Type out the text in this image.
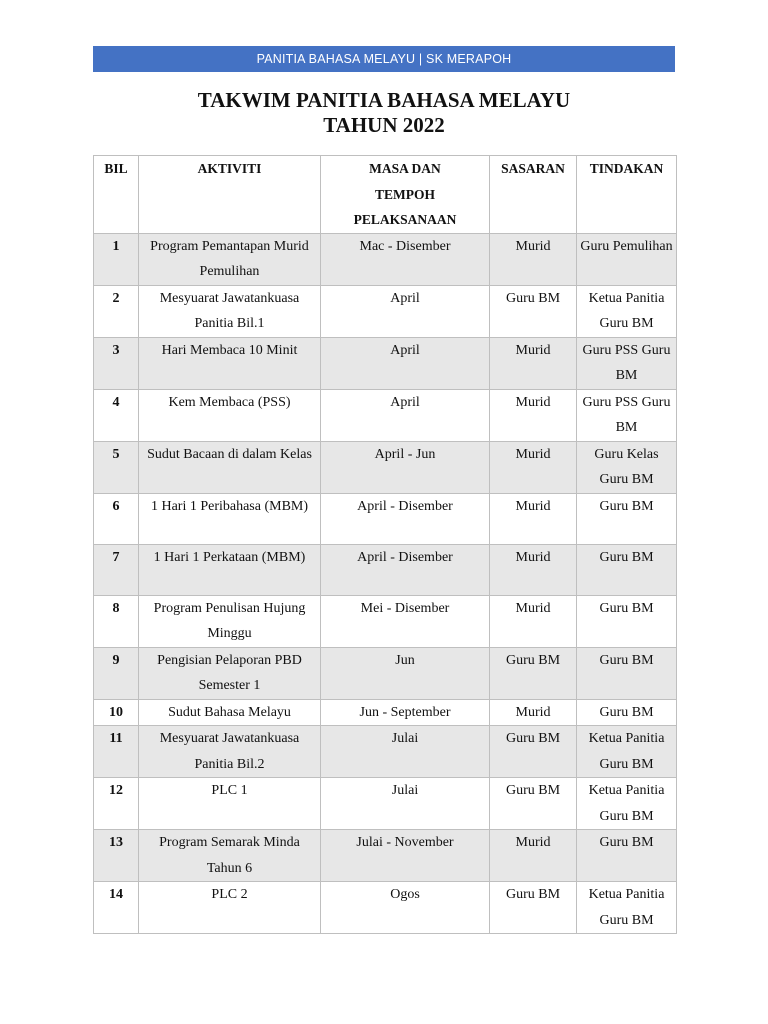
PANITIA BAHASA MELAYU | SK MERAPOH
TAKWIM PANITIA BAHASA MELAYU
TAHUN 2022
BIL	AKTIVITI	MASA DAN TEMPOH PELAKSANAAN	SASARAN	TINDAKAN
1	Program Pemantapan Murid Pemulihan	Mac - Disember	Murid	Guru Pemulihan
2	Mesyuarat Jawatankuasa Panitia Bil.1	April	Guru BM	Ketua Panitia Guru BM
3	Hari Membaca 10 Minit	April	Murid	Guru PSS Guru BM
4	Kem Membaca (PSS)	April	Murid	Guru PSS Guru BM
5	Sudut Bacaan di dalam Kelas	April - Jun	Murid	Guru Kelas Guru BM
6	1 Hari 1 Peribahasa (MBM)	April - Disember	Murid	Guru BM
7	1 Hari 1 Perkataan (MBM)	April - Disember	Murid	Guru BM
8	Program Penulisan Hujung Minggu	Mei - Disember	Murid	Guru BM
9	Pengisian Pelaporan PBD Semester 1	Jun	Guru BM	Guru BM
10	Sudut Bahasa Melayu	Jun - September	Murid	Guru BM
11	Mesyuarat Jawatankuasa Panitia Bil.2	Julai	Guru BM	Ketua Panitia Guru BM
12	PLC 1	Julai	Guru BM	Ketua Panitia Guru BM
13	Program Semarak Minda Tahun 6	Julai - November	Murid	Guru BM
14	PLC 2	Ogos	Guru BM	Ketua Panitia Guru BM
